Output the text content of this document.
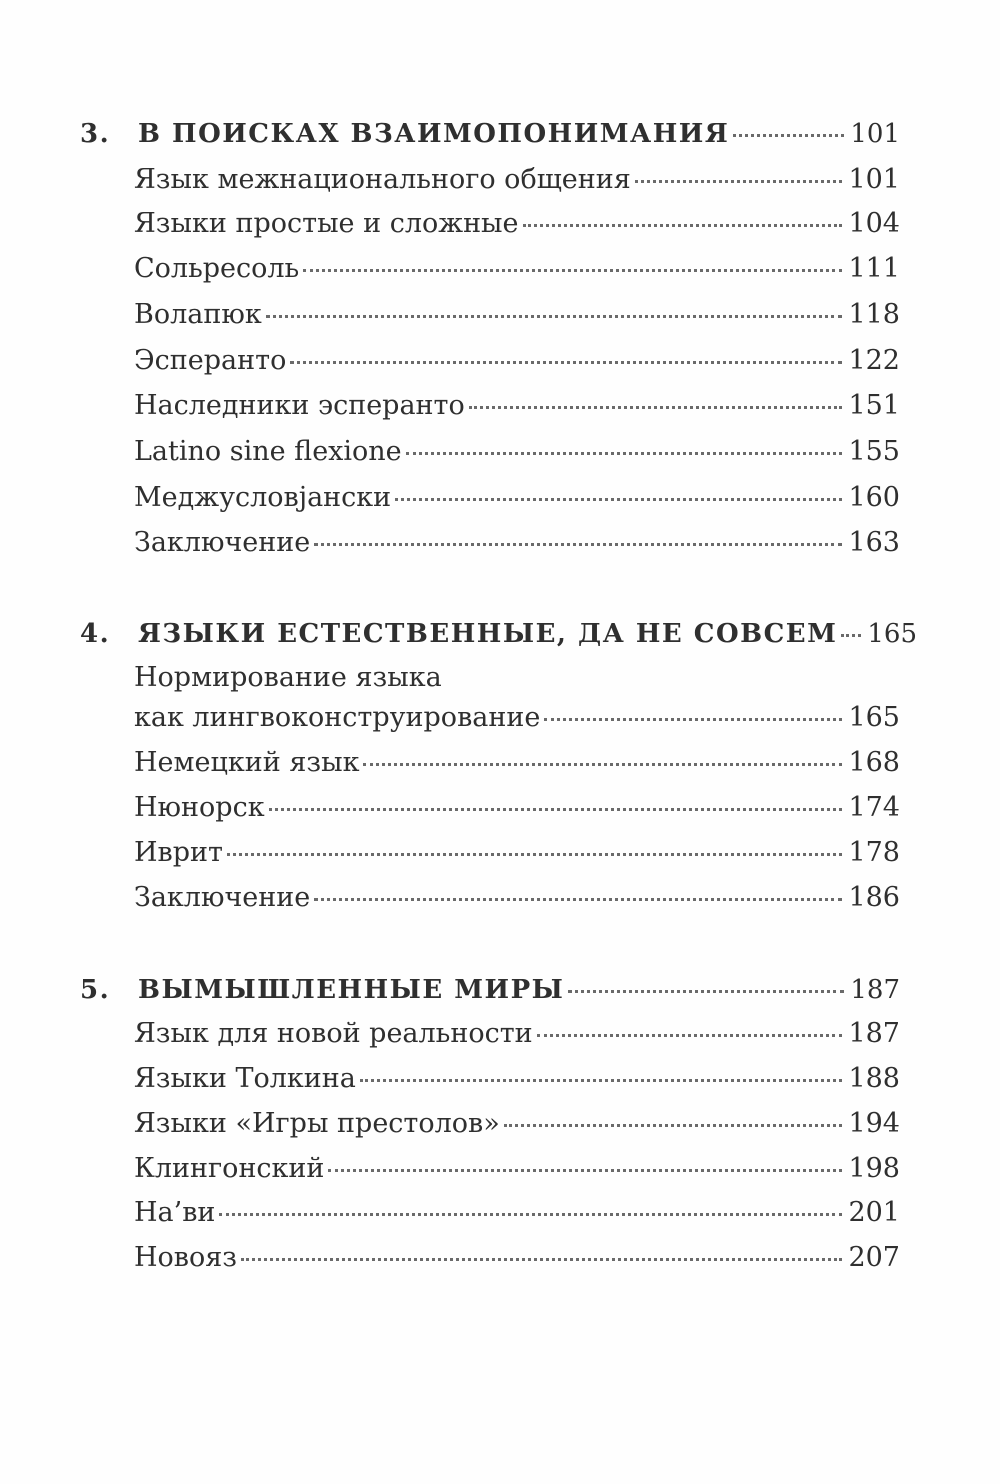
3.	В ПОИСКАХ ВЗАИМОПОНИМАНИЯ	101
Язык межнационального общения	101
Языки простые и сложные	104
Сольресоль	111
Волапюк	118
Эсперанто	122
Наследники эсперанто	151
Latino sine flexione	155
Меджусловјански	160
Заключение	163
4.	ЯЗЫКИ ЕСТЕСТВЕННЫЕ, ДА НЕ СОВСЕМ 165
Нормирование языка
как лингвоконструирование	165
Немецкий язык	168
Нюнорск	174
Иврит	178
Заключение	186
5.	ВЫМЫШЛЕННЫЕ МИРЫ	187
Язык для новой реальности	187
Языки Толкина	188
Языки «Игры престолов»	194
Клингонский	198
На’ви	201
Новояз	207
